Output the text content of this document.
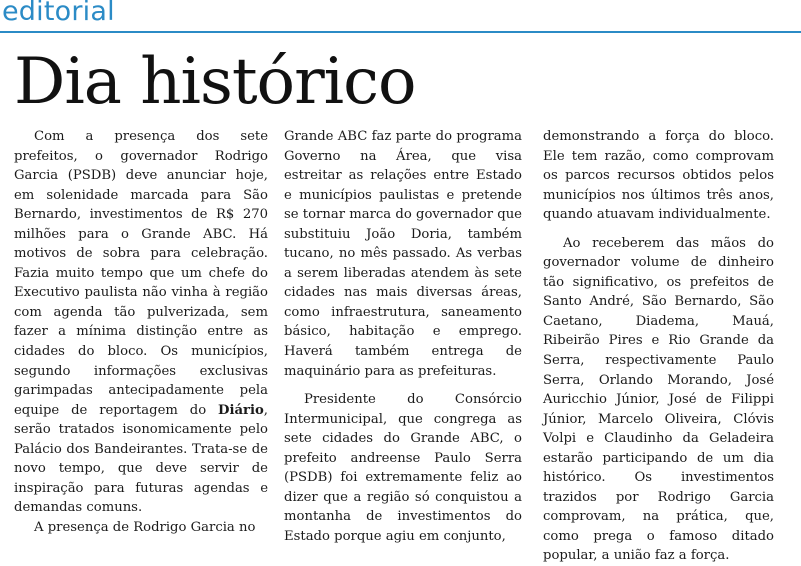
editorial
Dia histórico

Com a presença dos sete prefeitos, o governador Rodrigo Garcia (PSDB) deve anunciar hoje, em solenidade marcada para São Bernardo, investimentos de R$ 270 milhões para o Grande ABC. Há motivos de sobra para celebração. Fazia muito tempo que um chefe do Executivo paulista não vinha à região com agenda tão pulverizada, sem fazer a mínima distinção entre as cidades do bloco. Os municípios, segundo informações exclusivas garimpadas antecipadamente pela equipe de reportagem do Diário, serão tratados isonomicamente pelo Palácio dos Bandeirantes. Trata-se de novo tempo, que deve servir de inspiração para futuras agendas e demandas comuns.

A presença de Rodrigo Garcia no

Grande ABC faz parte do programa Governo na Área, que visa estreitar as relações entre Estado e municípios paulistas e pretende se tornar marca do governador que substituiu João Doria, também tucano, no mês passado. As verbas a serem liberadas atendem às sete cidades nas mais diversas áreas, como infraestrutura, saneamento básico, habitação e emprego. Haverá também entrega de maquinário para as prefeituras.

Presidente do Consórcio Intermunicipal, que congrega as sete cidades do Grande ABC, o prefeito andreense Paulo Serra (PSDB) foi extremamente feliz ao dizer que a região só conquistou a montanha de investimentos do Estado porque agiu em conjunto,

demonstrando a força do bloco. Ele tem razão, como comprovam os parcos recursos obtidos pelos municípios nos últimos três anos, quando atuavam individualmente.

Ao receberem das mãos do governador volume de dinheiro tão significativo, os prefeitos de Santo André, São Bernardo, São Caetano, Diadema, Mauá, Ribeirão Pires e Rio Grande da Serra, respectivamente Paulo Serra, Orlando Morando, José Auricchio Júnior, José de Filippi Júnior, Marcelo Oliveira, Clóvis Volpi e Claudinho da Geladeira estarão participando de um dia histórico. Os investimentos trazidos por Rodrigo Garcia comprovam, na prática, que, como prega o famoso ditado popular, a união faz a força.
